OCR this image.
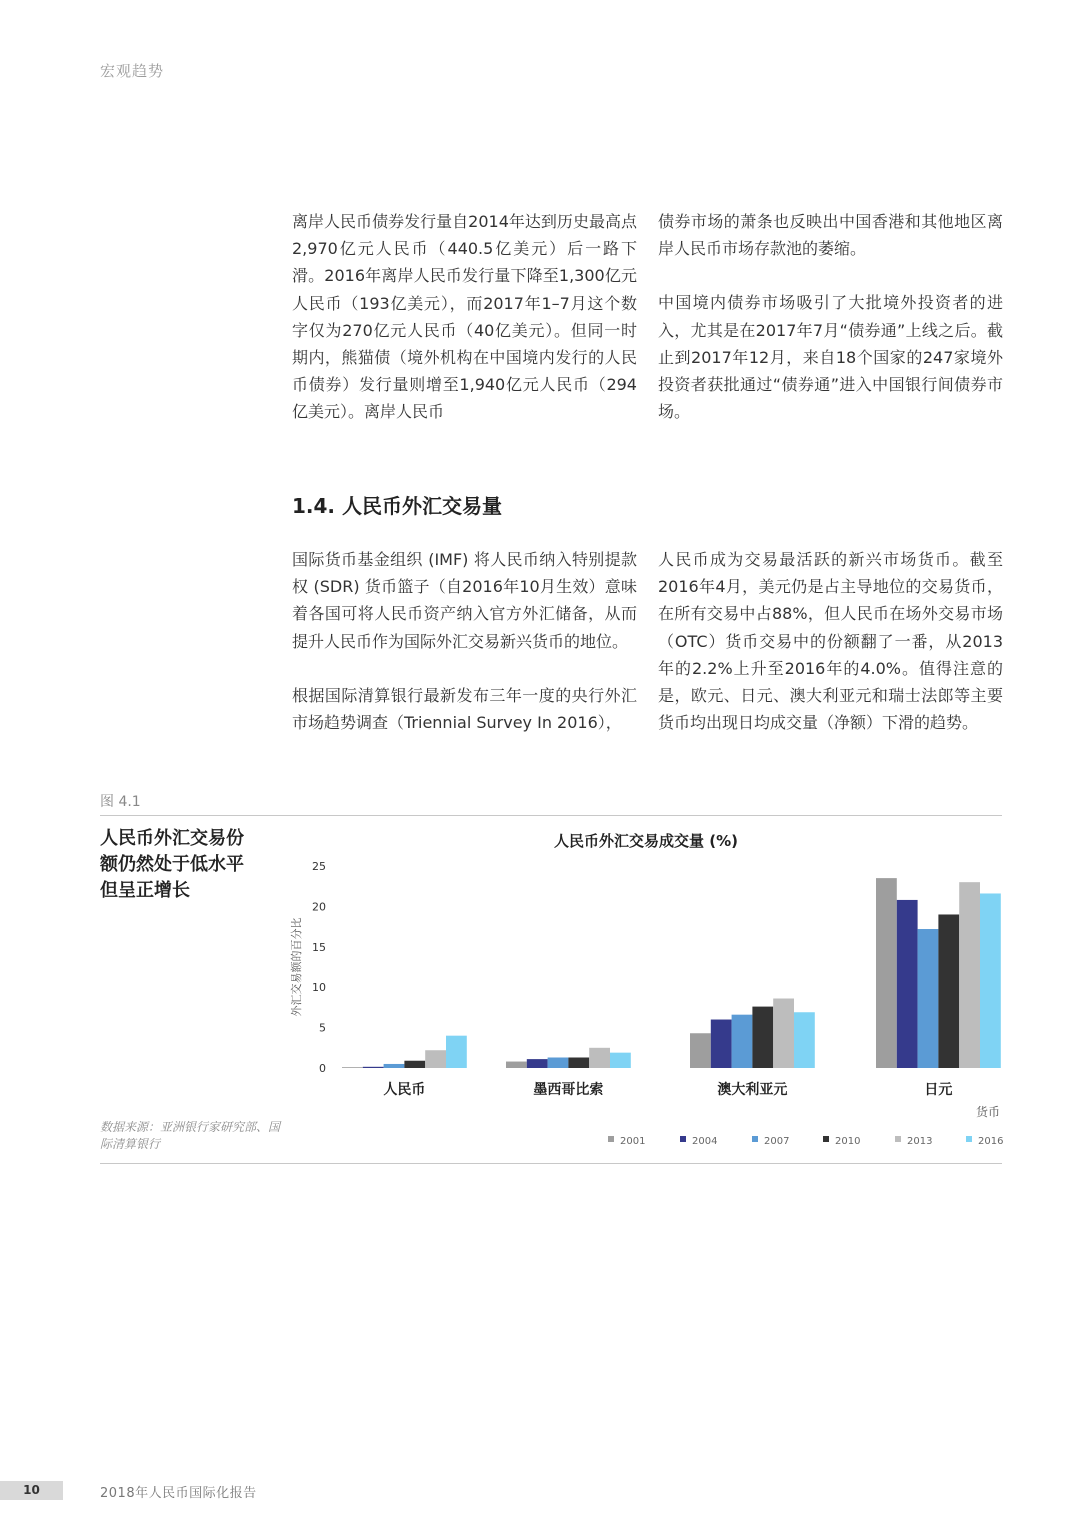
宏观趋势

离岸人民币债券发行量自2014年达到历史最高点2,970亿元人民币（440.5亿美元）后一路下滑。2016年离岸人民币发行量下降至1,300亿元人民币（193亿美元），而2017年1–7月这个数字仅为270亿元人民币（40亿美元）。但同一时期内，熊猫债（境外机构在中国境内发行的人民币债券）发行量则增至1,940亿元人民币（294亿美元）。离岸人民币

债券市场的萧条也反映出中国香港和其他地区离岸人民币市场存款池的萎缩。

中国境内债券市场吸引了大批境外投资者的进入，尤其是在2017年7月“债券通”上线之后。截止到2017年12月，来自18个国家的247家境外投资者获批通过“债券通”进入中国银行间债券市场。

1.4. 人民币外汇交易量

国际货币基金组织 (IMF) 将人民币纳入特别提款权 (SDR) 货币篮子（自2016年10月生效）意味着各国可将人民币资产纳入官方外汇储备，从而提升人民币作为国际外汇交易新兴货币的地位。

根据国际清算银行最新发布三年一度的央行外汇市场趋势调查（Triennial Survey In 2016），

人民币成为交易最活跃的新兴市场货币。截至2016年4月，美元仍是占主导地位的交易货币，在所有交易中占88%，但人民币在场外交易市场（OTC）货币交易中的份额翻了一番，从2013年的2.2%上升至2016年的4.0%。值得注意的是，欧元、日元、澳大利亚元和瑞士法郎等主要货币均出现日均成交量（净额）下滑的趋势。

图 4.1
人民币外汇交易份额仍然处于低水平但呈正增长
数据来源：亚洲银行家研究部、国际清算银行
人民币外汇交易成交量 (%)
0
5
10
15
20
25
外汇交易额的百分比
人民币	墨西哥比索	澳大利亚元	日元
货币
2001	2004	2007	2010	2013	2016
10	2018年人民币国际化报告
